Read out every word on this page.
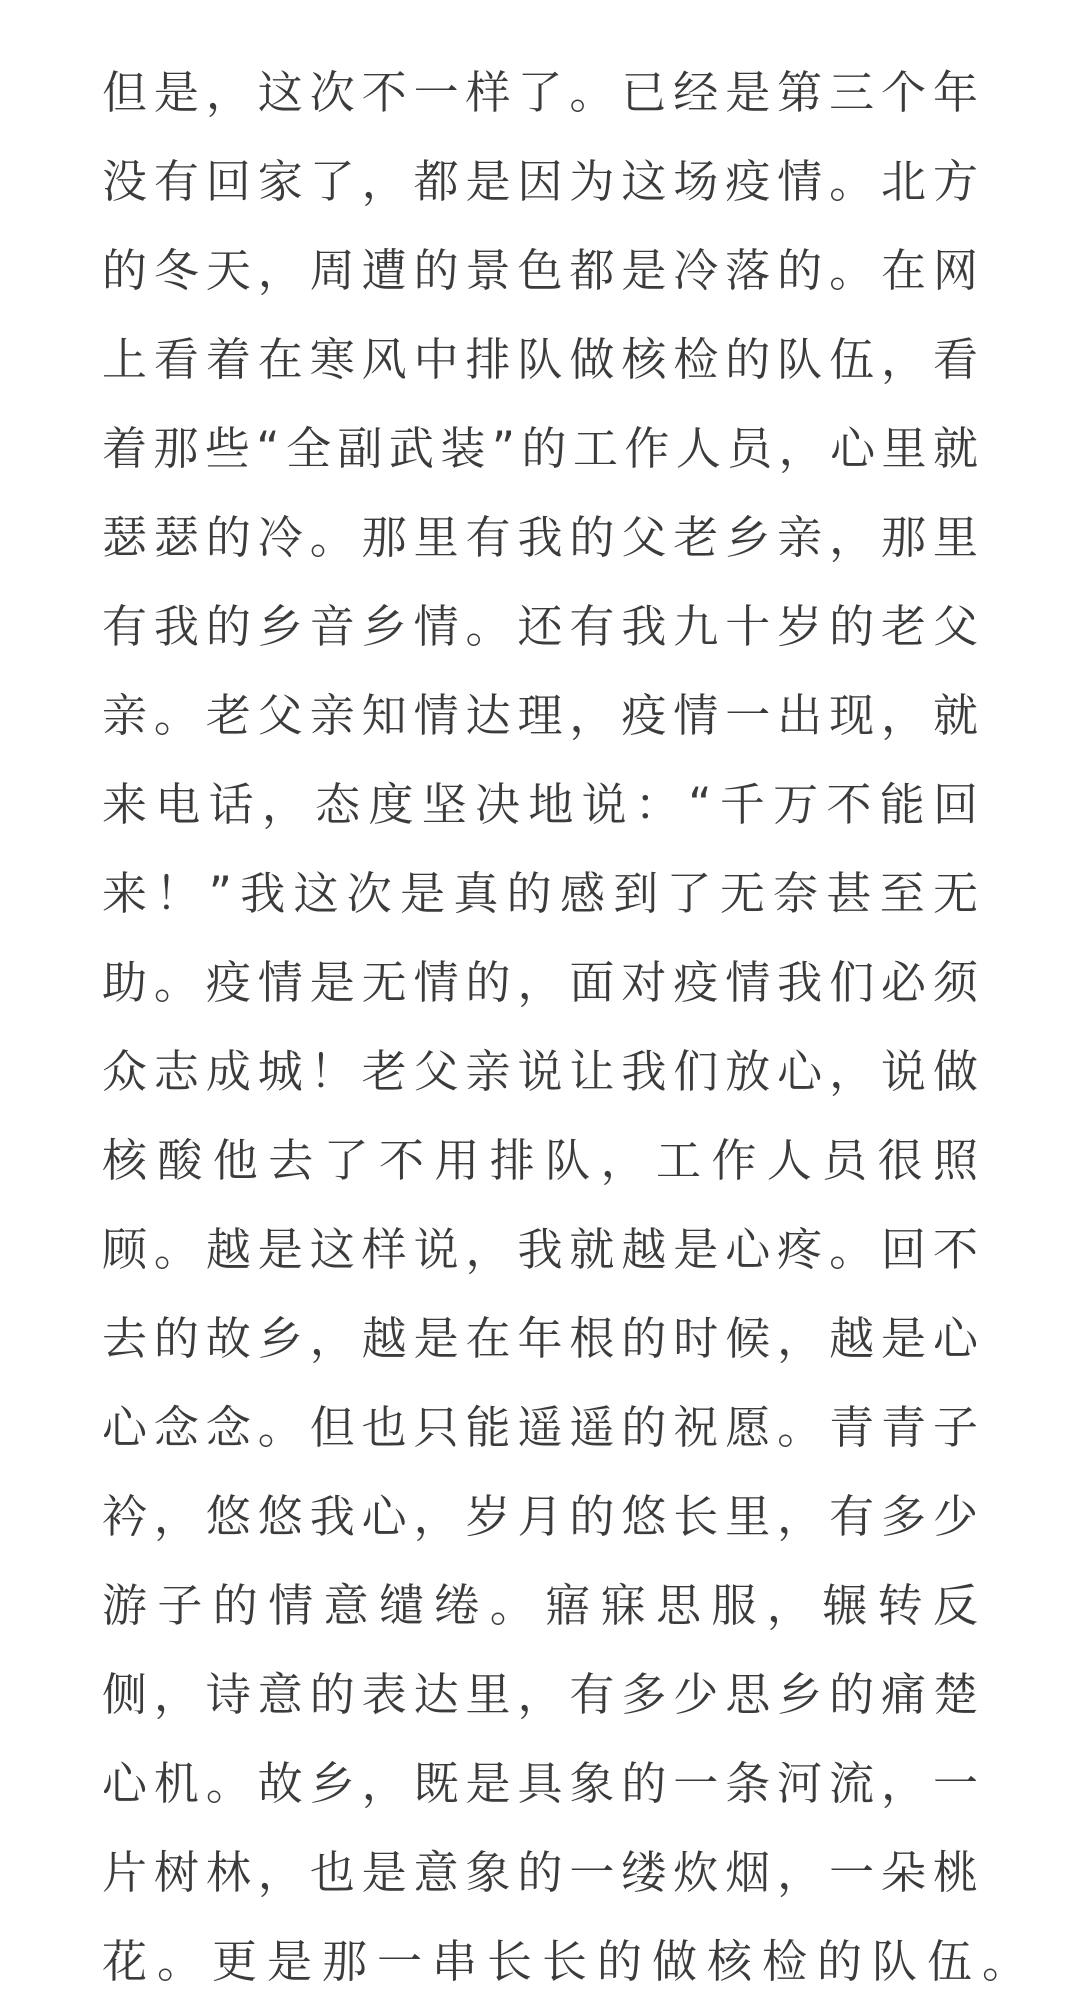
但是，这次不一样了。已经是第三个年

没有回家了，都是因为这场疫情。北方

的冬天，周遭的景色都是冷落的。在网

上看着在寒风中排队做核检的队伍，看

着那些“全副武装”的工作人员，心里就

瑟瑟的冷。那里有我的父老乡亲，那里

有我的乡音乡情。还有我九十岁的老父

亲。老父亲知情达理，疫情一出现，就

来电话，态度坚决地说：“千万不能回

来！”我这次是真的感到了无奈甚至无

助。疫情是无情的，面对疫情我们必须

众志成城！老父亲说让我们放心，说做

核酸他去了不用排队，工作人员很照

顾。越是这样说，我就越是心疼。回不

去的故乡，越是在年根的时候，越是心

心念念。但也只能遥遥的祝愿。青青子

衿，悠悠我心，岁月的悠长里，有多少

游子的情意缱绻。寤寐思服，辗转反

侧，诗意的表达里，有多少思乡的痛楚

心机。故乡，既是具象的一条河流，一

片树林，也是意象的一缕炊烟，一朵桃

花。更是那一串长长的做核检的队伍。
